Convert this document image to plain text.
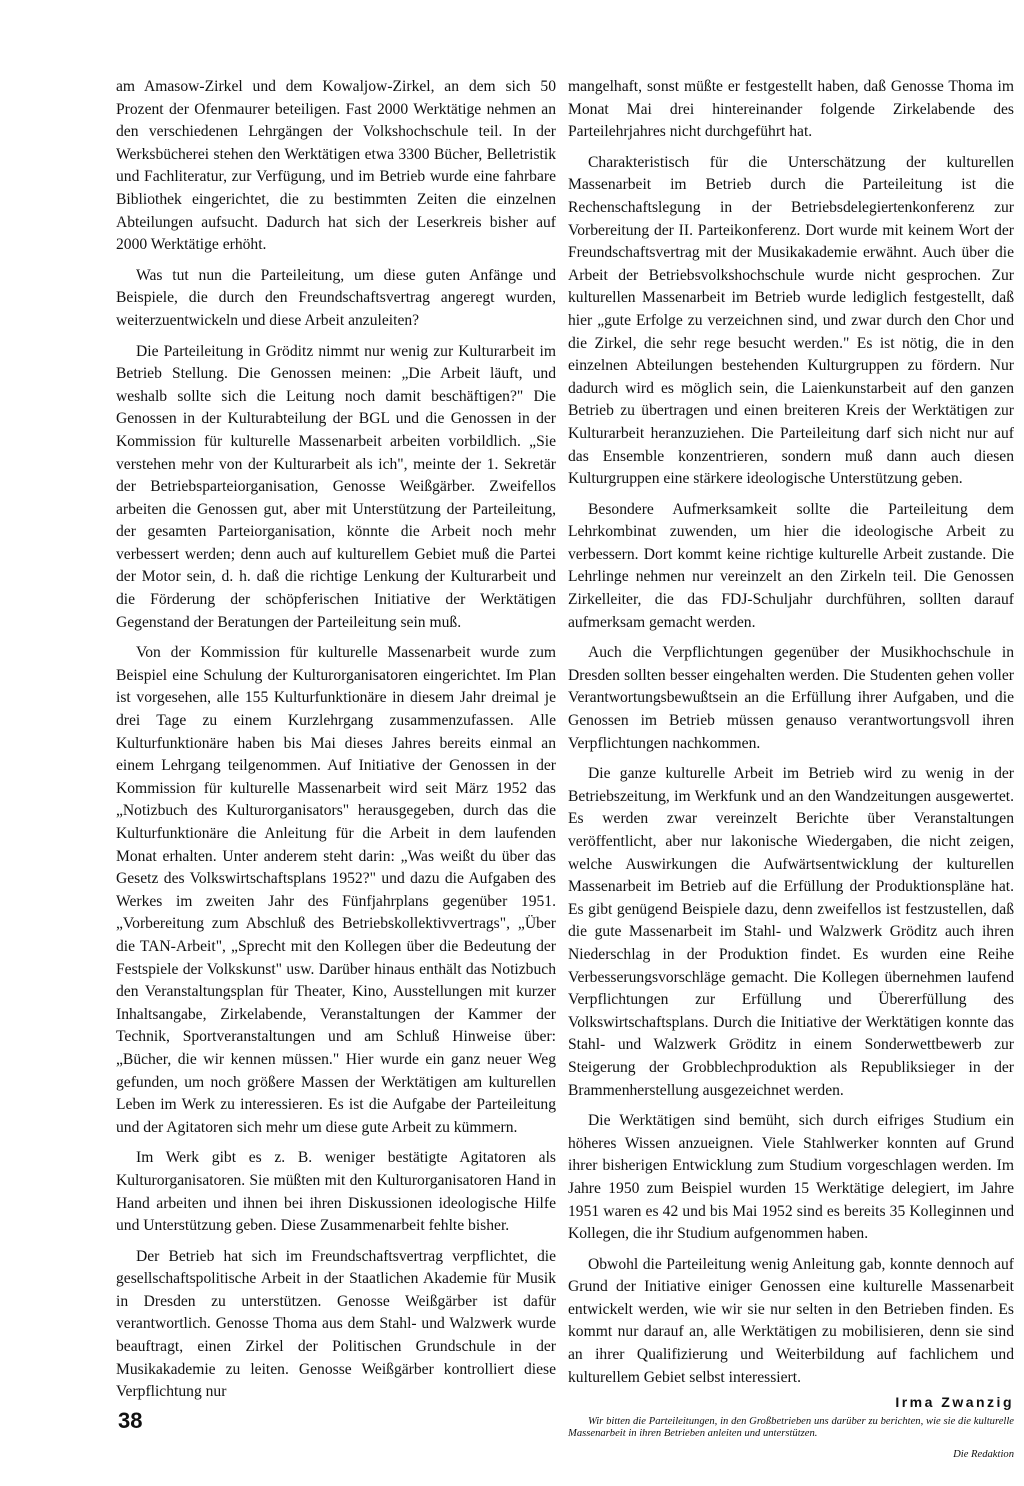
am Amasow-Zirkel und dem Kowaljow-Zirkel, an dem sich 50 Prozent der Ofenmaurer beteiligen. Fast 2000 Werktätige nehmen an den verschiedenen Lehrgängen der Volkshochschule teil. In der Werksbücherei stehen den Werktätigen etwa 3300 Bücher, Belletristik und Fachliteratur, zur Verfügung, und im Betrieb wurde eine fahrbare Bibliothek eingerichtet, die zu bestimmten Zeiten die einzelnen Abteilungen aufsucht. Dadurch hat sich der Leserkreis bisher auf 2000 Werktätige erhöht.

Was tut nun die Parteileitung, um diese guten Anfänge und Beispiele, die durch den Freundschaftsvertrag angeregt wurden, weiterzuentwickeln und diese Arbeit anzuleiten?

Die Parteileitung in Gröditz nimmt nur wenig zur Kulturarbeit im Betrieb Stellung. Die Genossen meinen: „Die Arbeit läuft, und weshalb sollte sich die Leitung noch damit beschäftigen?" Die Genossen in der Kulturabteilung der BGL und die Genossen in der Kommission für kulturelle Massenarbeit arbeiten vorbildlich. „Sie verstehen mehr von der Kulturarbeit als ich", meinte der 1. Sekretär der Betriebsparteiorganisation, Genosse Weißgärber. Zweifellos arbeiten die Genossen gut, aber mit Unterstützung der Parteileitung, der gesamten Parteiorganisation, könnte die Arbeit noch mehr verbessert werden; denn auch auf kulturellem Gebiet muß die Partei der Motor sein, d. h. daß die richtige Lenkung der Kulturarbeit und die Förderung der schöpferischen Initiative der Werktätigen Gegenstand der Beratungen der Parteileitung sein muß.

Von der Kommission für kulturelle Massenarbeit wurde zum Beispiel eine Schulung der Kulturorganisatoren eingerichtet. Im Plan ist vorgesehen, alle 155 Kulturfunktionäre in diesem Jahr dreimal je drei Tage zu einem Kurzlehrgang zusammenzufassen. Alle Kulturfunktionäre haben bis Mai dieses Jahres bereits einmal an einem Lehrgang teilgenommen. Auf Initiative der Genossen in der Kommission für kulturelle Massenarbeit wird seit März 1952 das „Notizbuch des Kulturorganisators" herausgegeben, durch das die Kulturfunktionäre die Anleitung für die Arbeit in dem laufenden Monat erhalten. Unter anderem steht darin: „Was weißt du über das Gesetz des Volkswirtschaftsplans 1952?" und dazu die Aufgaben des Werkes im zweiten Jahr des Fünfjahrplans gegenüber 1951. „Vorbereitung zum Abschluß des Betriebskollektivvertrags", „Über die TAN-Arbeit", „Sprecht mit den Kollegen über die Bedeutung der Festspiele der Volkskunst" usw. Darüber hinaus enthält das Notizbuch den Veranstaltungsplan für Theater, Kino, Ausstellungen mit kurzer Inhaltsangabe, Zirkelabende, Veranstaltungen der Kammer der Technik, Sportveranstaltungen und am Schluß Hinweise über: „Bücher, die wir kennen müssen." Hier wurde ein ganz neuer Weg gefunden, um noch größere Massen der Werktätigen am kulturellen Leben im Werk zu interessieren. Es ist die Aufgabe der Parteileitung und der Agitatoren sich mehr um diese gute Arbeit zu kümmern.

Im Werk gibt es z. B. weniger bestätigte Agitatoren als Kulturorganisatoren. Sie müßten mit den Kulturorganisatoren Hand in Hand arbeiten und ihnen bei ihren Diskussionen ideologische Hilfe und Unterstützung geben. Diese Zusammenarbeit fehlte bisher.

Der Betrieb hat sich im Freundschaftsvertrag verpflichtet, die gesellschaftspolitische Arbeit in der Staatlichen Akademie für Musik in Dresden zu unterstützen. Genosse Weißgärber ist dafür verantwortlich. Genosse Thoma aus dem Stahl- und Walzwerk wurde beauftragt, einen Zirkel der Politischen Grundschule in der Musikakademie zu leiten. Genosse Weißgärber kontrolliert diese Verpflichtung nur

mangelhaft, sonst müßte er festgestellt haben, daß Genosse Thoma im Monat Mai drei hintereinander folgende Zirkelabende des Parteilehrjahres nicht durchgeführt hat.

Charakteristisch für die Unterschätzung der kulturellen Massenarbeit im Betrieb durch die Parteileitung ist die Rechenschaftslegung in der Betriebsdelegiertenkonferenz zur Vorbereitung der II. Parteikonferenz. Dort wurde mit keinem Wort der Freundschaftsvertrag mit der Musikakademie erwähnt. Auch über die Arbeit der Betriebsvolkshochschule wurde nicht gesprochen. Zur kulturellen Massenarbeit im Betrieb wurde lediglich festgestellt, daß hier „gute Erfolge zu verzeichnen sind, und zwar durch den Chor und die Zirkel, die sehr rege besucht werden." Es ist nötig, die in den einzelnen Abteilungen bestehenden Kulturgruppen zu fördern. Nur dadurch wird es möglich sein, die Laienkunstarbeit auf den ganzen Betrieb zu übertragen und einen breiteren Kreis der Werktätigen zur Kulturarbeit heranzuziehen. Die Parteileitung darf sich nicht nur auf das Ensemble konzentrieren, sondern muß dann auch diesen Kulturgruppen eine stärkere ideologische Unterstützung geben.

Besondere Aufmerksamkeit sollte die Parteileitung dem Lehrkombinat zuwenden, um hier die ideologische Arbeit zu verbessern. Dort kommt keine richtige kulturelle Arbeit zustande. Die Lehrlinge nehmen nur vereinzelt an den Zirkeln teil. Die Genossen Zirkelleiter, die das FDJ-Schuljahr durchführen, sollten darauf aufmerksam gemacht werden.

Auch die Verpflichtungen gegenüber der Musikhochschule in Dresden sollten besser eingehalten werden. Die Studenten gehen voller Verantwortungsbewußtsein an die Erfüllung ihrer Aufgaben, und die Genossen im Betrieb müssen genauso verantwortungsvoll ihren Verpflichtungen nachkommen.

Die ganze kulturelle Arbeit im Betrieb wird zu wenig in der Betriebszeitung, im Werkfunk und an den Wandzeitungen ausgewertet. Es werden zwar vereinzelt Berichte über Veranstaltungen veröffentlicht, aber nur lakonische Wiedergaben, die nicht zeigen, welche Auswirkungen die Aufwärtsentwicklung der kulturellen Massenarbeit im Betrieb auf die Erfüllung der Produktionspläne hat. Es gibt genügend Beispiele dazu, denn zweifellos ist festzustellen, daß die gute Massenarbeit im Stahl- und Walzwerk Gröditz auch ihren Niederschlag in der Produktion findet. Es wurden eine Reihe Verbesserungsvorschläge gemacht. Die Kollegen übernehmen laufend Verpflichtungen zur Erfüllung und Übererfüllung des Volkswirtschaftsplans. Durch die Initiative der Werktätigen konnte das Stahl- und Walzwerk Gröditz in einem Sonderwettbewerb zur Steigerung der Grobblechproduktion als Republiksieger in der Brammenherstellung ausgezeichnet werden.

Die Werktätigen sind bemüht, sich durch eifriges Studium ein höheres Wissen anzueignen. Viele Stahlwerker konnten auf Grund ihrer bisherigen Entwicklung zum Studium vorgeschlagen werden. Im Jahre 1950 zum Beispiel wurden 15 Werktätige delegiert, im Jahre 1951 waren es 42 und bis Mai 1952 sind es bereits 35 Kolleginnen und Kollegen, die ihr Studium aufgenommen haben.

Obwohl die Parteileitung wenig Anleitung gab, konnte dennoch auf Grund der Initiative einiger Genossen eine kulturelle Massenarbeit entwickelt werden, wie wir sie nur selten in den Betrieben finden. Es kommt nur darauf an, alle Werktätigen zu mobilisieren, denn sie sind an ihrer Qualifizierung und Weiterbildung auf fachlichem und kulturellem Gebiet selbst interessiert.

Irma Zwanzig

Wir bitten die Parteileitungen, in den Großbetrieben uns darüber zu berichten, wie sie die kulturelle Massenarbeit in ihren Betrieben anleiten und unterstützen.

Die Redaktion

38
